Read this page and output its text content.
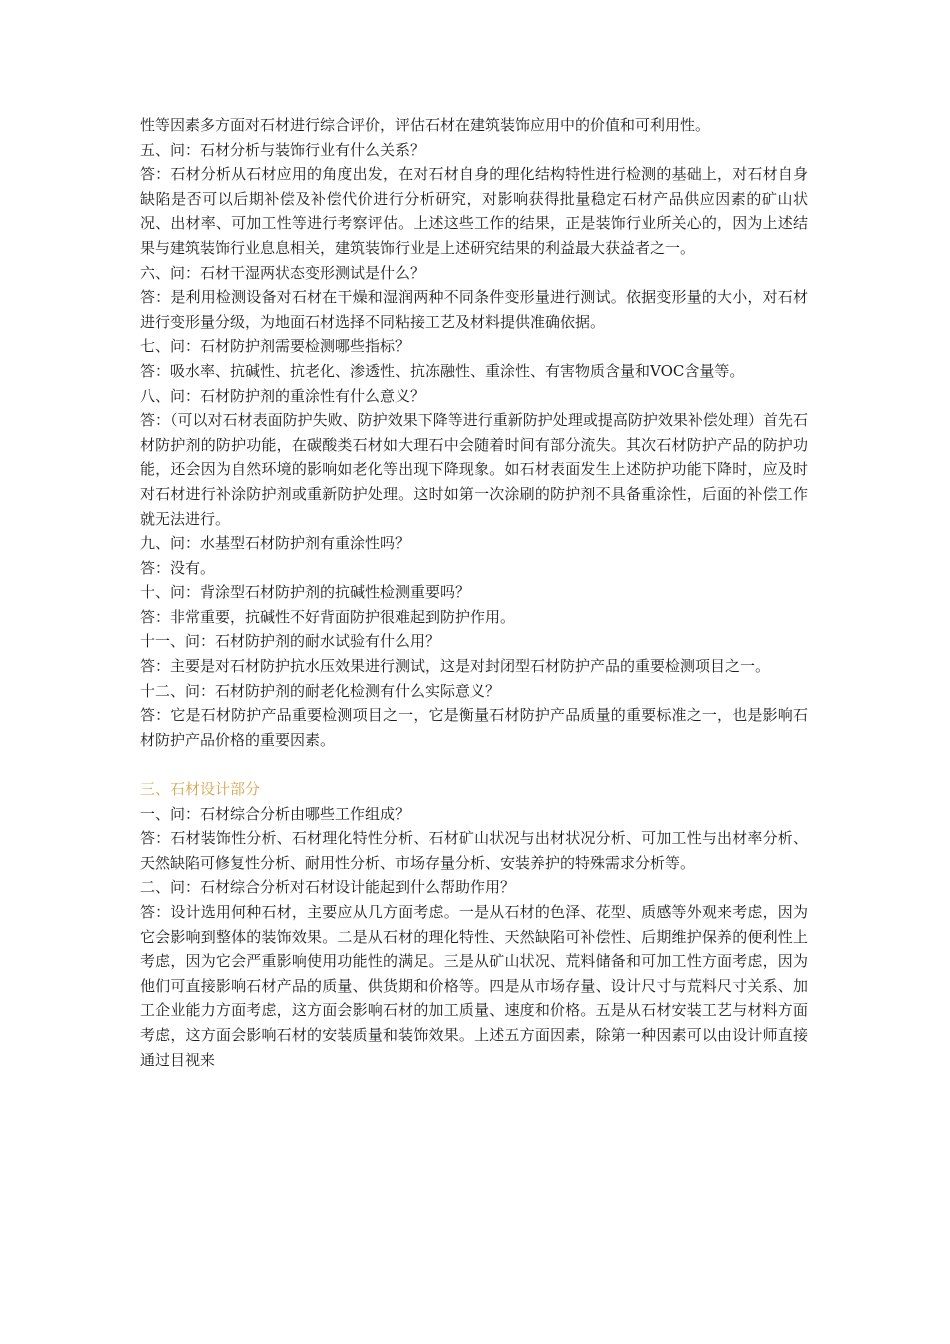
性等因素多方面对石材进行综合评价，评估石材在建筑装饰应用中的价值和可利用性。

五、问：石材分析与装饰行业有什么关系？

答：石材分析从石材应用的角度出发，在对石材自身的理化结构特性进行检测的基础上，对石材自身缺陷是否可以后期补偿及补偿代价进行分析研究，对影响获得批量稳定石材产品供应因素的矿山状况、出材率、可加工性等进行考察评估。上述这些工作的结果，正是装饰行业所关心的，因为上述结果与建筑装饰行业息息相关，建筑装饰行业是上述研究结果的利益最大获益者之一。

六、问：石材干湿两状态变形测试是什么？

答：是利用检测设备对石材在干燥和湿润两种不同条件变形量进行测试。依据变形量的大小，对石材进行变形量分级，为地面石材选择不同粘接工艺及材料提供准确依据。

七、问：石材防护剂需要检测哪些指标？

答：吸水率、抗碱性、抗老化、渗透性、抗冻融性、重涂性、有害物质含量和VOC含量等。

八、问：石材防护剂的重涂性有什么意义？

答：（可以对石材表面防护失败、防护效果下降等进行重新防护处理或提高防护效果补偿处理）首先石材防护剂的防护功能，在碳酸类石材如大理石中会随着时间有部分流失。其次石材防护产品的防护功能，还会因为自然环境的影响如老化等出现下降现象。如石材表面发生上述防护功能下降时，应及时对石材进行补涂防护剂或重新防护处理。这时如第一次涂刷的防护剂不具备重涂性，后面的补偿工作就无法进行。

九、问：水基型石材防护剂有重涂性吗？

答：没有。

十、问：背涂型石材防护剂的抗碱性检测重要吗？

答：非常重要，抗碱性不好背面防护很难起到防护作用。

十一、问：石材防护剂的耐水试验有什么用？

答：主要是对石材防护抗水压效果进行测试，这是对封闭型石材防护产品的重要检测项目之一。

十二、问：石材防护剂的耐老化检测有什么实际意义？

答：它是石材防护产品重要检测项目之一，它是衡量石材防护产品质量的重要标准之一，也是影响石材防护产品价格的重要因素。

三、石材设计部分

一、问：石材综合分析由哪些工作组成？

答：石材装饰性分析、石材理化特性分析、石材矿山状况与出材状况分析、可加工性与出材率分析、天然缺陷可修复性分析、耐用性分析、市场存量分析、安装养护的特殊需求分析等。

二、问：石材综合分析对石材设计能起到什么帮助作用？

答：设计选用何种石材，主要应从几方面考虑。一是从石材的色泽、花型、质感等外观来考虑，因为它会影响到整体的装饰效果。二是从石材的理化特性、天然缺陷可补偿性、后期维护保养的便利性上考虑，因为它会严重影响使用功能性的满足。三是从矿山状况、荒料储备和可加工性方面考虑，因为他们可直接影响石材产品的质量、供货期和价格等。四是从市场存量、设计尺寸与荒料尺寸关系、加工企业能力方面考虑，这方面会影响石材的加工质量、速度和价格。五是从石材安装工艺与材料方面考虑，这方面会影响石材的安装质量和装饰效果。上述五方面因素，除第一种因素可以由设计师直接通过目视来
